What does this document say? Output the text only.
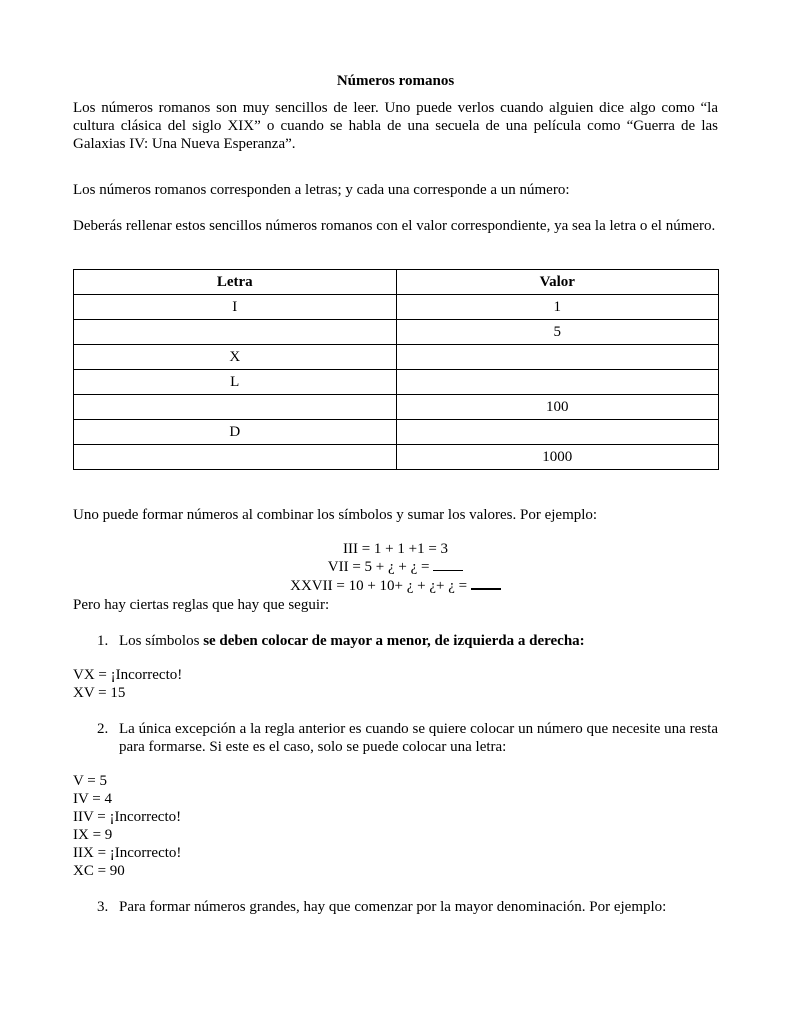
Números romanos
Los números romanos son muy sencillos de leer. Uno puede verlos cuando alguien dice algo como “la cultura clásica del siglo XIX” o cuando se habla de una secuela de una película como “Guerra de las Galaxias IV: Una Nueva Esperanza”.
Los números romanos corresponden a letras; y cada una corresponde a un número:
Deberás rellenar estos sencillos números romanos con el valor correspondiente, ya sea la letra o el número.
Letra	Valor
I	1
	5
X	
L	
	100
D	
	1000
Uno puede formar números al combinar los símbolos y sumar los valores. Por ejemplo:
III = 1 + 1 +1 = 3
VII = 5 + ¿ + ¿ =
XXVII = 10 + 10+ ¿ + ¿+ ¿ =
Pero hay ciertas reglas que hay que seguir:
1. Los símbolos se deben colocar de mayor a menor, de izquierda a derecha:
VX = ¡Incorrecto!
XV = 15
2. La única excepción a la regla anterior es cuando se quiere colocar un número que necesite una resta para formarse. Si este es el caso, solo se puede colocar una letra:
V = 5
IV = 4
IIV = ¡Incorrecto!
IX = 9
IIX = ¡Incorrecto!
XC = 90
3. Para formar números grandes, hay que comenzar por la mayor denominación. Por ejemplo:
